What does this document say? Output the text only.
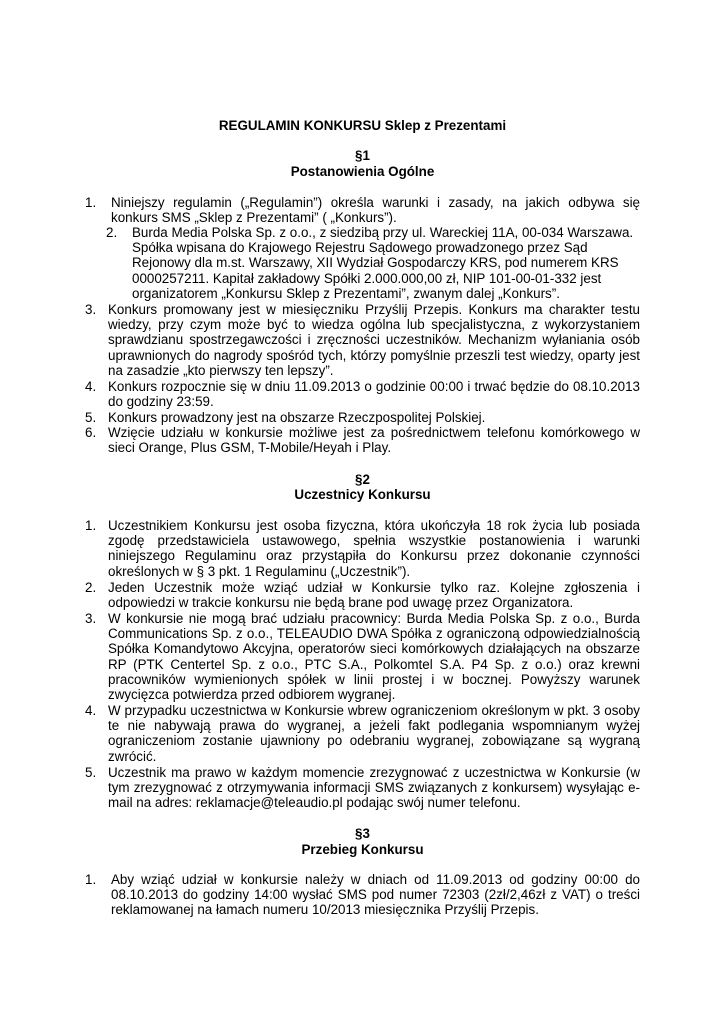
REGULAMIN KONKURSU Sklep z Prezentami
§1
Postanowienia Ogólne
1. Niniejszy regulamin („Regulamin”) określa warunki i zasady, na jakich odbywa się konkurs SMS „Sklep z Prezentami” ( „Konkurs”).
2. Burda Media Polska Sp. z o.o., z siedzibą przy ul. Wareckiej 11A, 00-034 Warszawa. Spółka wpisana do Krajowego Rejestru Sądowego prowadzonego przez Sąd Rejonowy dla m.st. Warszawy, XII Wydział Gospodarczy KRS, pod numerem KRS 0000257211. Kapitał zakładowy Spółki 2.000.000,00 zł, NIP 101-00-01-332 jest organizatorem „Konkursu Sklep z Prezentami”, zwanym dalej „Konkurs”.
3. Konkurs promowany jest w miesięczniku Przyślij Przepis. Konkurs ma charakter testu wiedzy, przy czym może być to wiedza ogólna lub specjalistyczna, z wykorzystaniem sprawdzianu spostrzegawczości i zręczności uczestników. Mechanizm wyłaniania osób uprawnionych do nagrody spośród tych, którzy pomyślnie przeszli test wiedzy, oparty jest na zasadzie „kto pierwszy ten lepszy”.
4. Konkurs rozpocznie się w dniu 11.09.2013 o godzinie 00:00 i trwać będzie do 08.10.2013 do godziny 23:59.
5. Konkurs prowadzony jest na obszarze Rzeczpospolitej Polskiej.
6. Wzięcie udziału w konkursie możliwe jest za pośrednictwem telefonu komórkowego w sieci Orange, Plus GSM, T-Mobile/Heyah i Play.
§2
Uczestnicy Konkursu
1. Uczestnikiem Konkursu jest osoba fizyczna, która ukończyła 18 rok życia lub posiada zgodę przedstawiciela ustawowego, spełnia wszystkie postanowienia i warunki niniejszego Regulaminu oraz przystąpiła do Konkursu przez dokonanie czynności określonych w § 3 pkt. 1 Regulaminu („Uczestnik”).
2. Jeden Uczestnik może wziąć udział w Konkursie tylko raz. Kolejne zgłoszenia i odpowiedzi w trakcie konkursu nie będą brane pod uwagę przez Organizatora.
3. W konkursie nie mogą brać udziału pracownicy: Burda Media Polska Sp. z o.o., Burda Communications Sp. z o.o., TELEAUDIO DWA Spółka z ograniczoną odpowiedzialnością Spółka Komandytowo Akcyjna, operatorów sieci komórkowych działających na obszarze RP (PTK Centertel Sp. z o.o., PTC S.A., Polkomtel S.A. P4 Sp. z o.o.) oraz krewni pracowników wymienionych spółek w linii prostej i w bocznej. Powyższy warunek zwycięzca potwierdza przed odbiorem wygranej.
4. W przypadku uczestnictwa w Konkursie wbrew ograniczeniom określonym w pkt. 3 osoby te nie nabywają prawa do wygranej, a jeżeli fakt podlegania wspomnianym wyżej ograniczeniom zostanie ujawniony po odebraniu wygranej, zobowiązane są wygraną zwrócić.
5. Uczestnik ma prawo w każdym momencie zrezygnować z uczestnictwa w Konkursie (w tym zrezygnować z otrzymywania informacji SMS związanych z konkursem) wysyłając e-mail na adres: reklamacje@teleaudio.pl podając swój numer telefonu.
§3
Przebieg Konkursu
1. Aby wziąć udział w konkursie należy w dniach od 11.09.2013 od godziny 00:00 do 08.10.2013 do godziny 14:00 wysłać SMS pod numer 72303 (2zł/2,46zł z VAT) o treści reklamowanej na łamach numeru 10/2013 miesięcznika Przyślij Przepis.
